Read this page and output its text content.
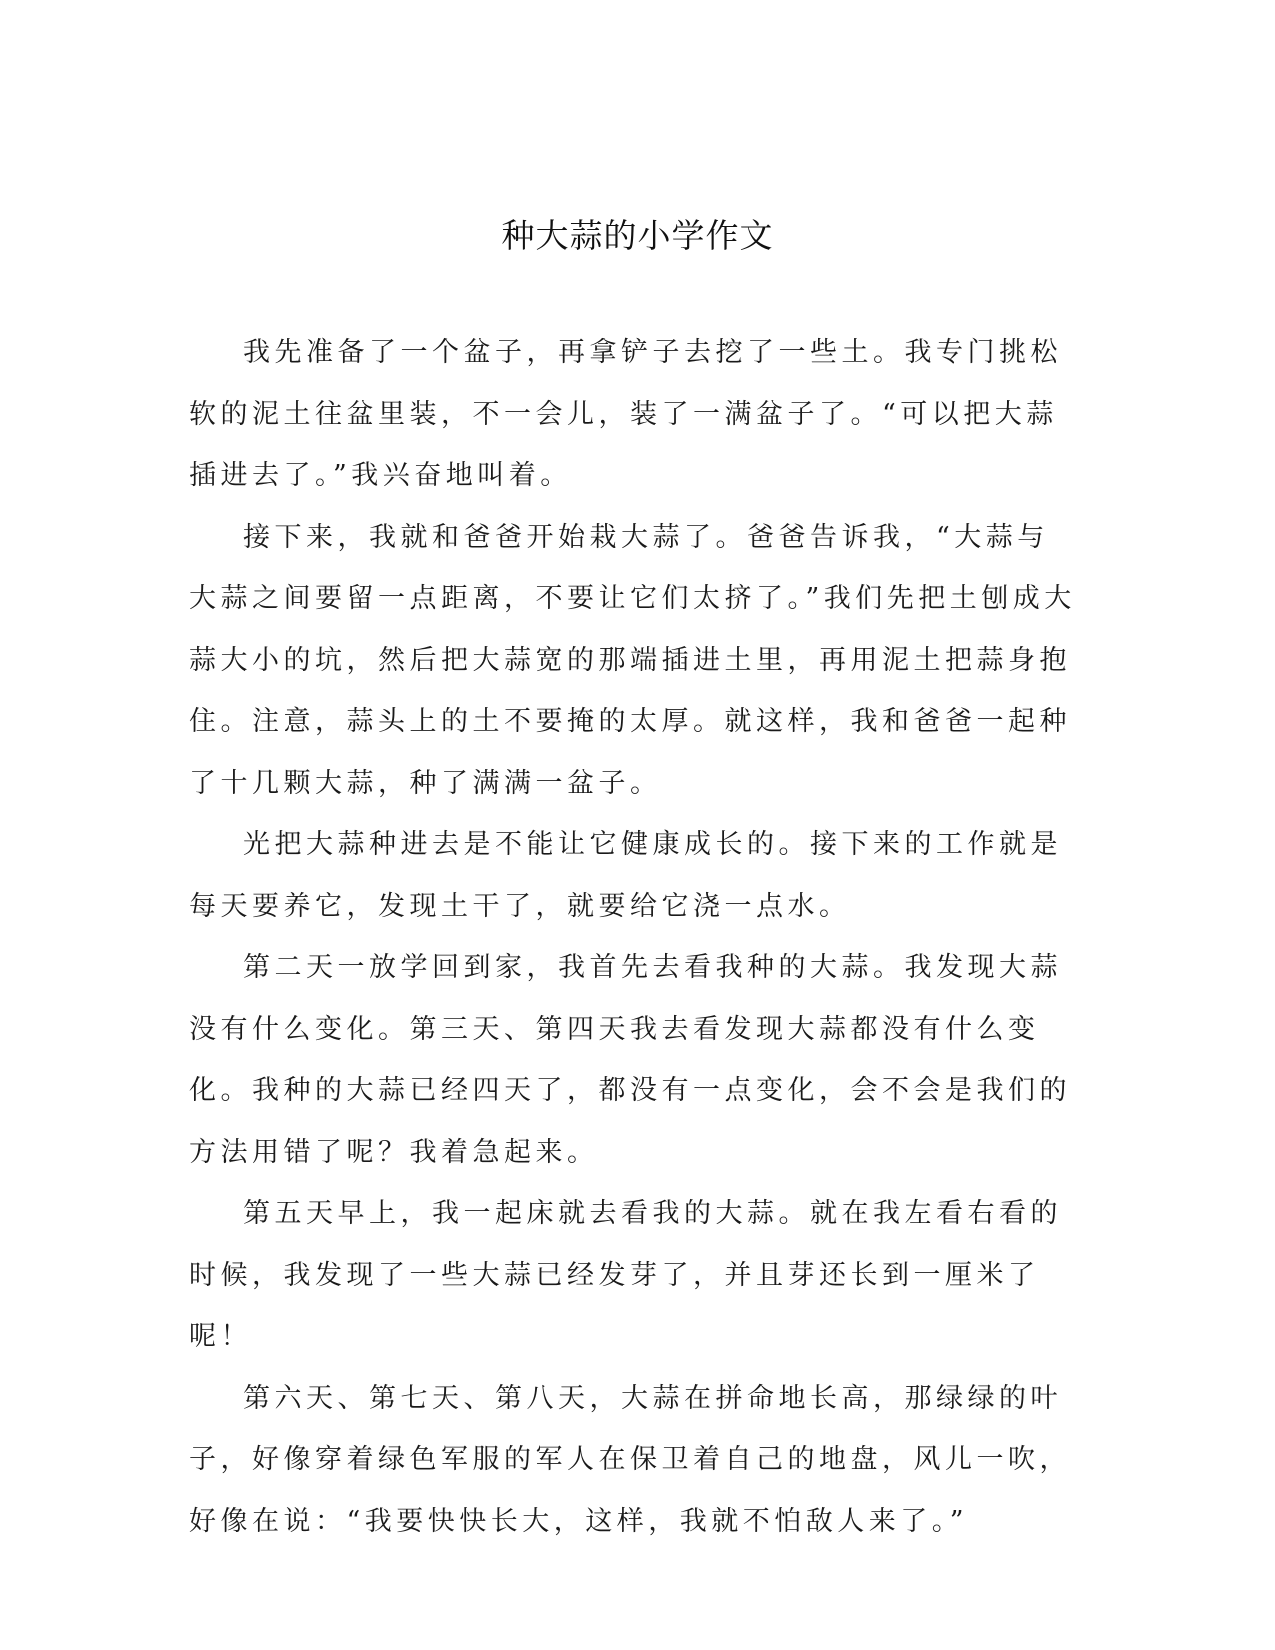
种大蒜的小学作文

我先准备了一个盆子，再拿铲子去挖了一些土。我专门挑松软的泥土往盆里装，不一会儿，装了一满盆子了。“可以把大蒜插进去了。”我兴奋地叫着。

接下来，我就和爸爸开始栽大蒜了。爸爸告诉我，“大蒜与大蒜之间要留一点距离，不要让它们太挤了。”我们先把土刨成大蒜大小的坑，然后把大蒜宽的那端插进土里，再用泥土把蒜身抱住。注意，蒜头上的土不要掩的太厚。就这样，我和爸爸一起种了十几颗大蒜，种了满满一盆子。

光把大蒜种进去是不能让它健康成长的。接下来的工作就是每天要养它，发现土干了，就要给它浇一点水。

第二天一放学回到家，我首先去看我种的大蒜。我发现大蒜没有什么变化。第三天、第四天我去看发现大蒜都没有什么变化。我种的大蒜已经四天了，都没有一点变化，会不会是我们的方法用错了呢？我着急起来。

第五天早上，我一起床就去看我的大蒜。就在我左看右看的时候，我发现了一些大蒜已经发芽了，并且芽还长到一厘米了呢！

第六天、第七天、第八天，大蒜在拼命地长高，那绿绿的叶子，好像穿着绿色军服的军人在保卫着自己的地盘，风儿一吹，好像在说：“我要快快长大，这样，我就不怕敌人来了。”
